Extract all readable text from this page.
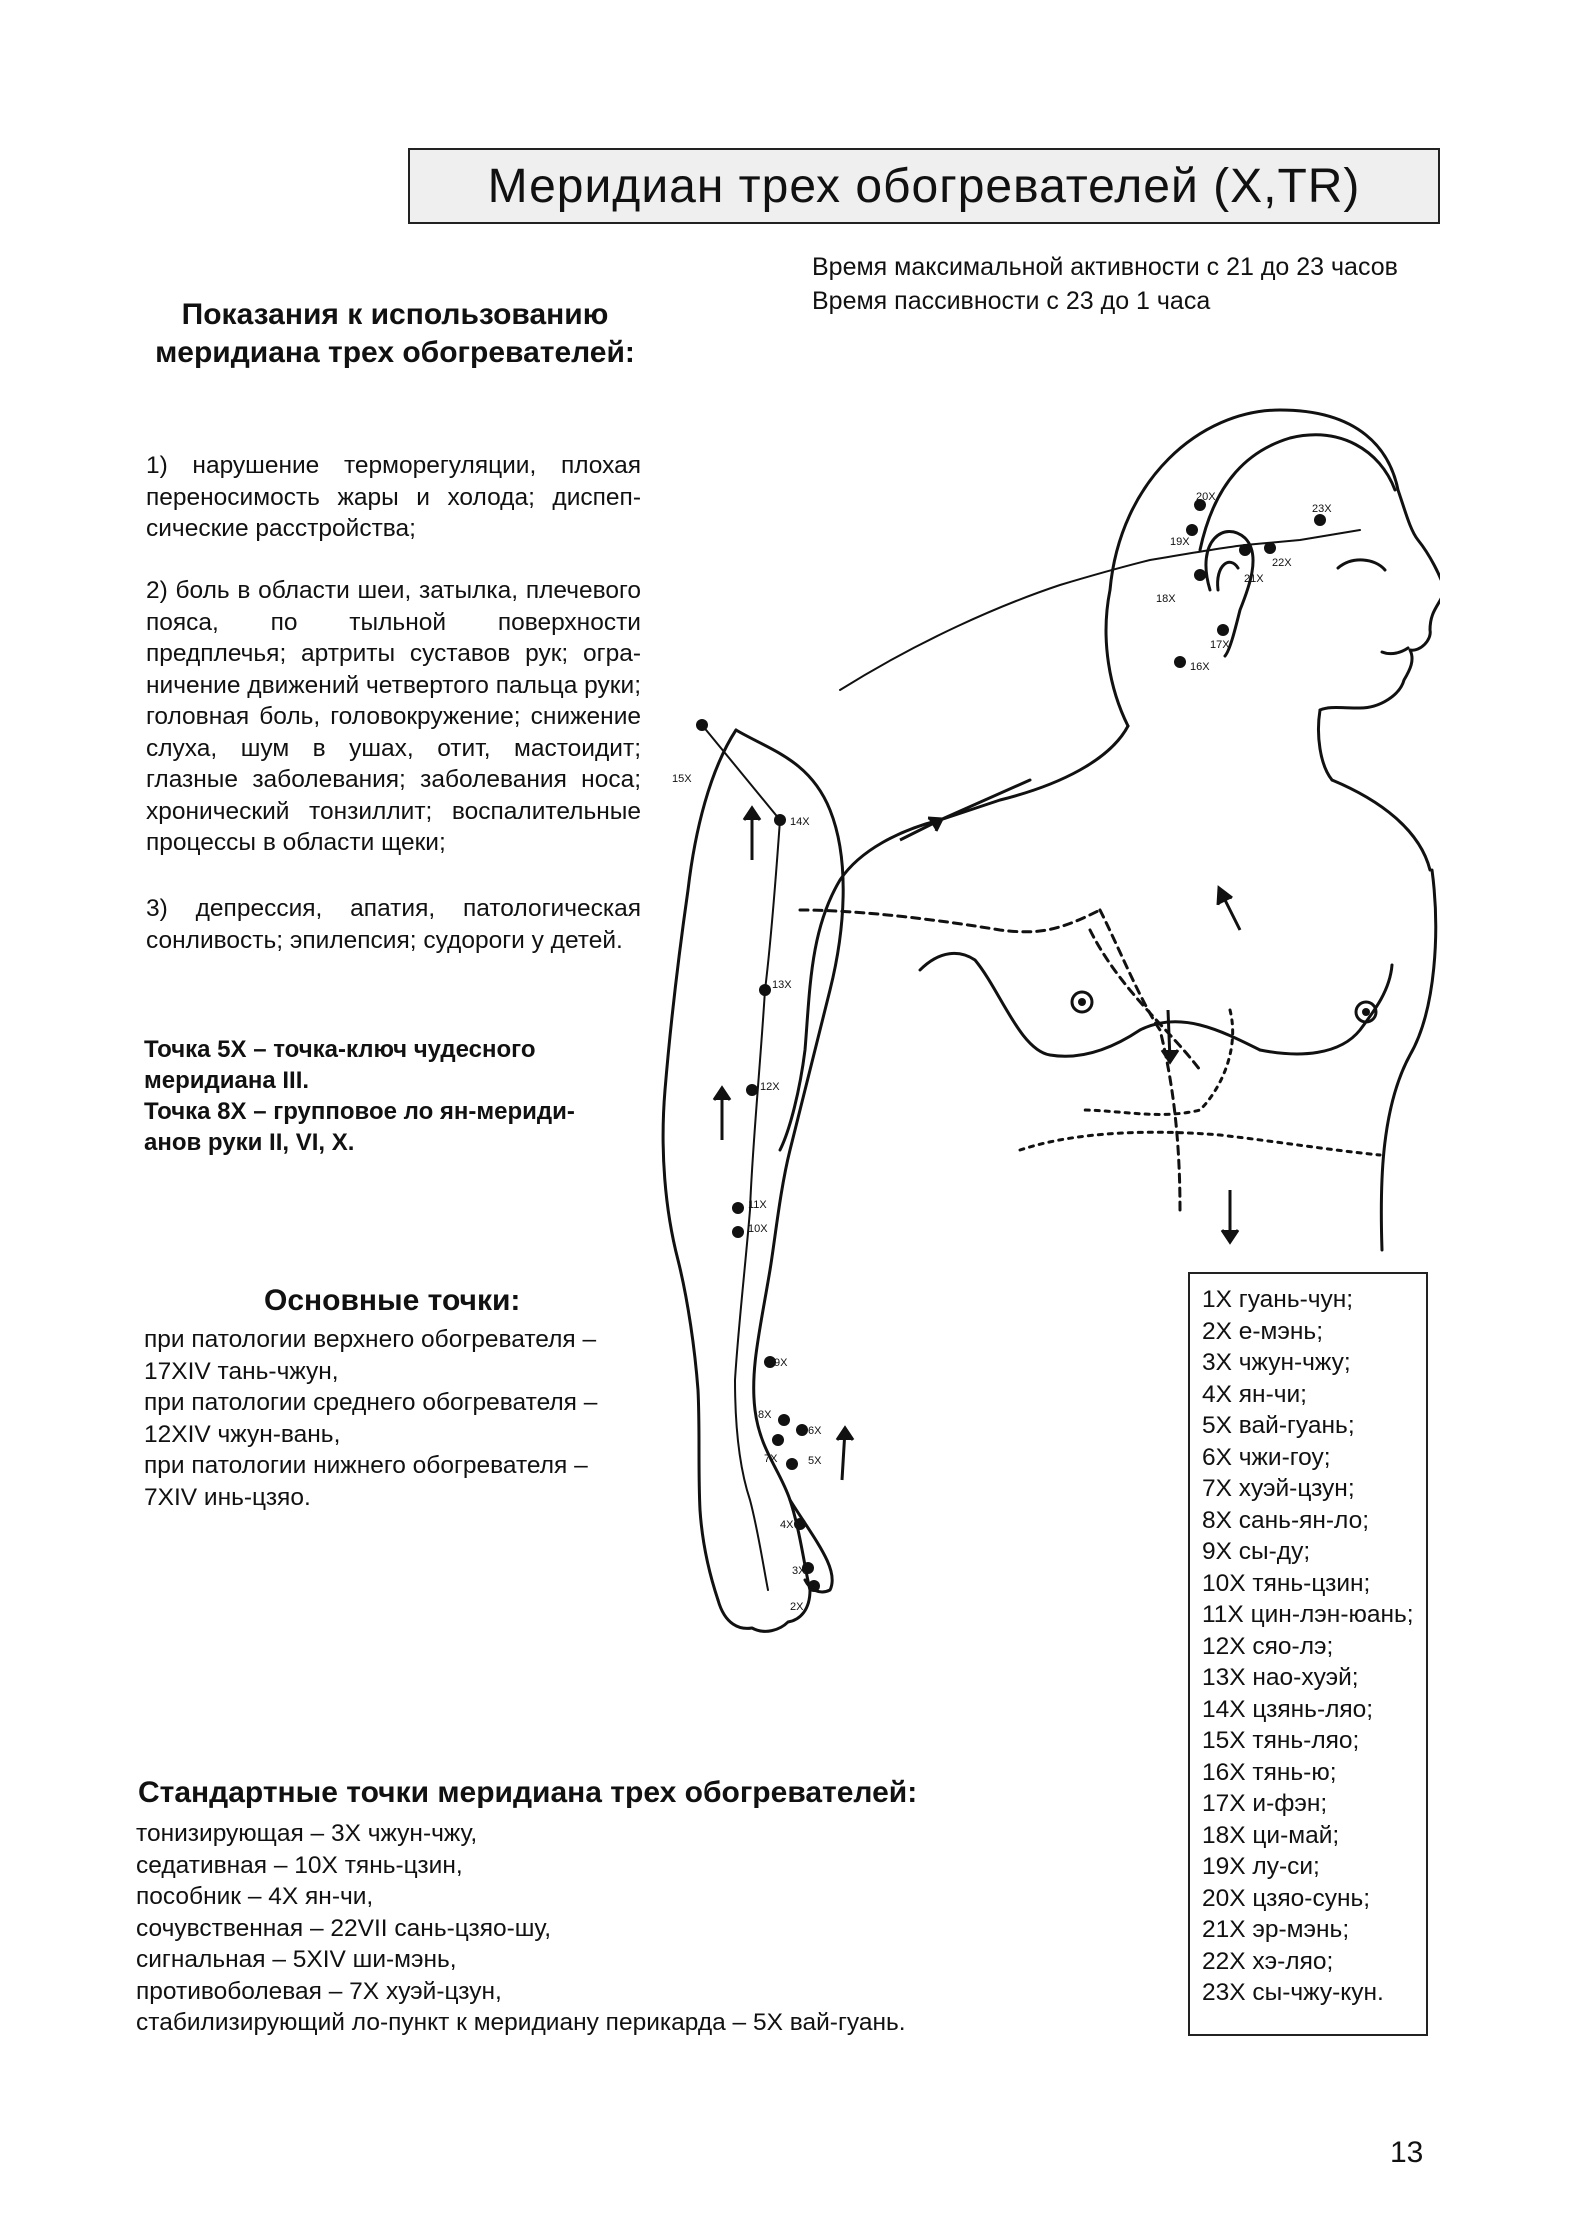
Меридиан трех обогревателей (X,TR)
Время максимальной активности с 21 до 23 часов
Время пассивности с 23 до 1 часа
Показания к использованию меридиана трех обогревателей:
1) нарушение терморегуляции, плохая переносимость жары и холода; диспепсические расстройства;
2) боль в области шеи, затылка, плечевого пояса, по тыльной поверхности предплечья; артриты суставов рук; ограничение движений четвертого пальца руки; головная боль, головокружение; снижение слуха, шум в ушах, отит, мастоидит; глазные заболевания; заболевания носа; хронический тонзиллит; воспалительные процессы в области щеки;
3) депрессия, апатия, патологическая сонливость; эпилепсия; судороги у детей.
Точка 5X – точка-ключ чудесного
меридиана III.
Точка 8X – групповое ло ян-мериди-
анов руки II, VI, X.
Основные точки:
при патологии верхнего обогревателя –
17XIV тань-чжун,
при патологии среднего обогревателя –
12XIV чжун-вань,
при патологии нижнего обогревателя –
7XIV инь-цзяо.
Стандартные точки меридиана трех обогревателей:
тонизирующая – 3X чжун-чжу,
седативная – 10X тянь-цзин,
пособник – 4X ян-чи,
сочувственная – 22VII сань-цзяо-шу,
сигнальная – 5XIV ши-мэнь,
противоболевая – 7X хуэй-цзун,
стабилизирующий ло-пункт к меридиану перикарда – 5X вай-гуань.
1X гуань-чун;
2X е-мэнь;
3X чжун-чжу;
4X ян-чи;
5X вай-гуань;
6X чжи-гоу;
7X хуэй-цзун;
8X сань-ян-ло;
9X сы-ду;
10X тянь-цзин;
11X цин-лэн-юань;
12X сяо-лэ;
13X нао-хуэй;
14X цзянь-ляо;
15X тянь-ляо;
16X тянь-ю;
17X и-фэн;
18X ци-май;
19X лу-си;
20X цзяо-сунь;
21X эр-мэнь;
22X хэ-ляо;
23X сы-чжу-кун.
20X
23X
19X
22X
21X
18X
17X
16X
15X
14X
13X
12X
11X
10X
9X
8X
6X
7X	5X
4X
3X
2X
13
